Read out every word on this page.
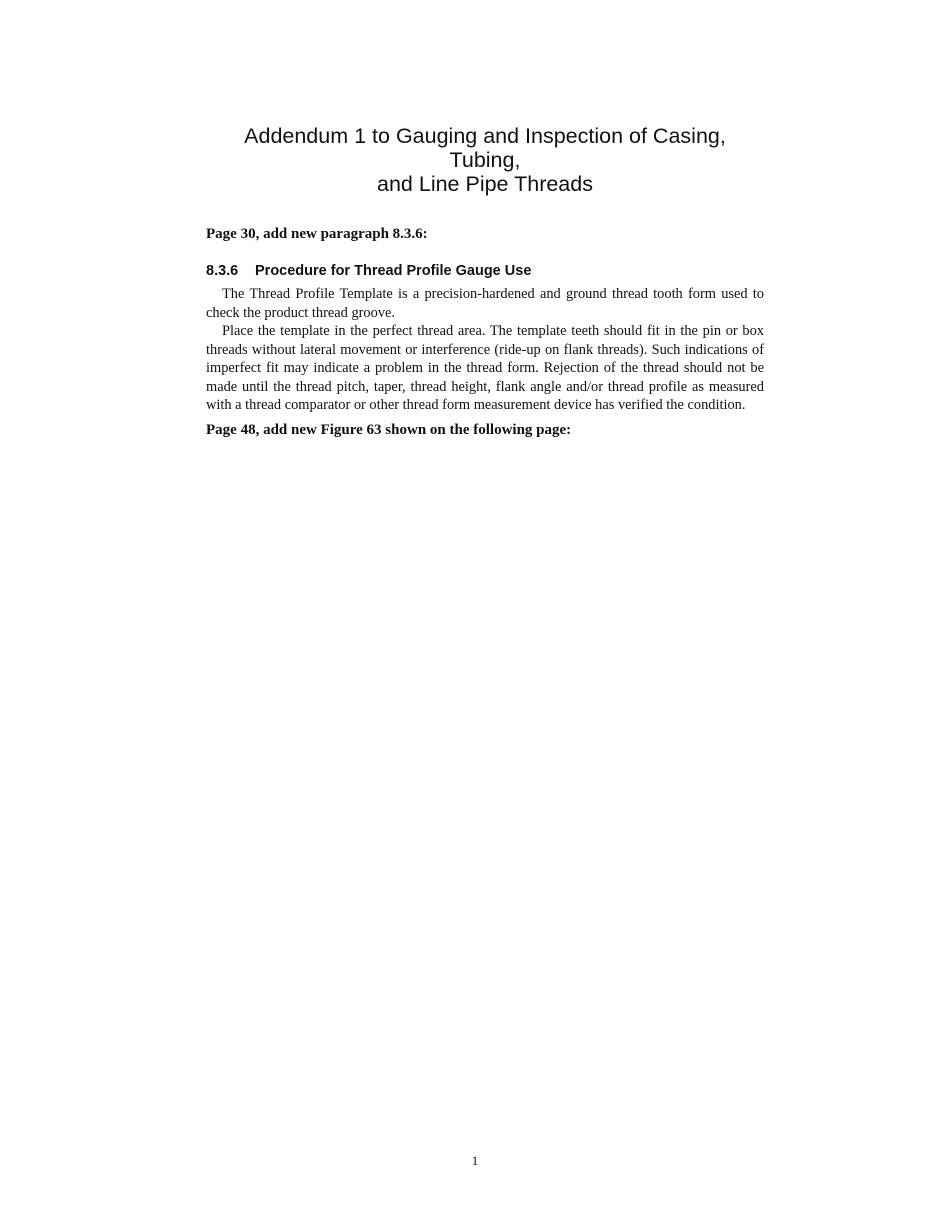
Addendum 1 to Gauging and Inspection of Casing, Tubing,
and Line Pipe Threads

Page 30, add new paragraph 8.3.6:

8.3.6 Procedure for Thread Profile Gauge Use

The Thread Profile Template is a precision-hardened and ground thread tooth form used to check the product thread groove.

Place the template in the perfect thread area. The template teeth should fit in the pin or box threads without lateral movement or interference (ride-up on flank threads). Such indications of imperfect fit may indicate a problem in the thread form. Rejection of the thread should not be made until the thread pitch, taper, thread height, flank angle and/or thread profile as measured with a thread comparator or other thread form measurement device has verified the condition.

Page 48, add new Figure 63 shown on the following page:

1
